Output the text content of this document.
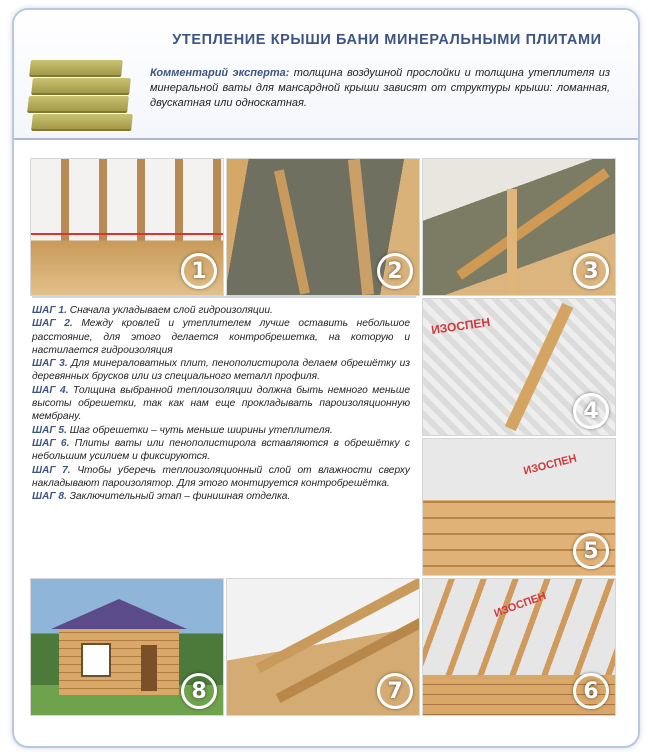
УТЕПЛЕНИЕ КРЫШИ БАНИ МИНЕРАЛЬНЫМИ ПЛИТАМИ
Комментарий эксперта: толщина воздушной прослойки и толщина утеплителя из минеральной ваты для мансардной крыши зависят от структуры крыши: ломанная, двускатная или односкатная.
1	2	3

ШАГ 1. Сначала укладываем слой гидроизоляции.

ШАГ 2. Между кровлей и утеплителем лучше оставить небольшое расстояние, для этого делается контробрешетка, на которую и настилается гидроизоляция

ШАГ 3. Для минераловатных плит, пенополистирола делаем обрешётку из деревянных брусков или из специального металл профиля.

ШАГ 4. Толщина выбранной теплоизоляции должна быть немного меньше высоты обрешетки, так как нам еще прокладывать пароизоляционную мембрану.

ШАГ 5. Шаг обрешетки – чуть меньше ширины утеплителя.

ШАГ 6. Плиты ваты или пенополистирола вставляются в обрешётку с небольшим усилием и фиксируются.

ШАГ 7. Чтобы уберечь теплоизоляционный слой от влажности сверху накладывают пароизолятор. Для этого монтируется контробрешётка.

ШАГ 8. Заключительный этап – финишная отделка.

ИЗОСПЕН
4
ИЗОСПЕН
5
8	7
ИЗОСПЕН
6
